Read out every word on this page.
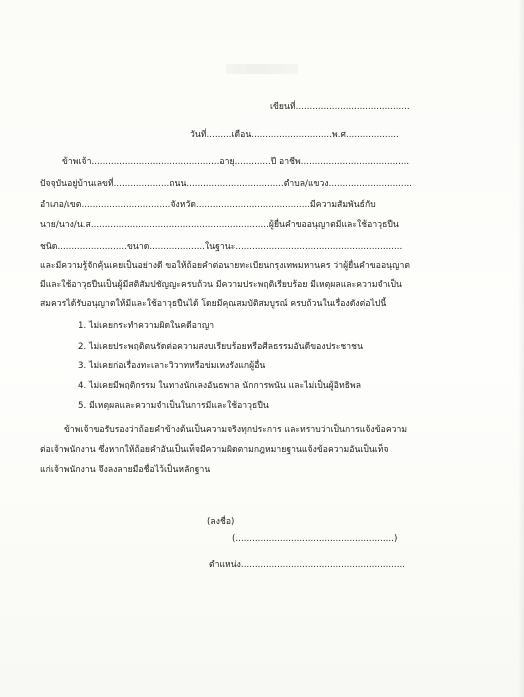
เขียนที่.........................................
วันที่.........เดือน.............................พ.ศ...................
ข้าพเจ้า..............................................อายุ.............ปี อาชีพ.......................................
ปัจจุบันอยู่บ้านเลขที่....................ถนน...................................ตำบล/แขวง..............................
อำเภอ/เขต................................จังหวัด.........................................มีความสัมพันธ์กับ
นาย/นาง/น.ส................................................................ผู้ยื่นคำขออนุญาตมีและใช้อาวุธปืน
ชนิด.........................ขนาด....................ในฐานะ............................................................
และมีความรู้จักคุ้นเคยเป็นอย่างดี ขอให้ถ้อยคำต่อนายทะเบียนกรุงเทพมหานคร ว่าผู้ยื่นคำขออนุญาต
มีและใช้อาวุธปืนเป็นผู้มีสติสัมปชัญญะครบถ้วน มีความประพฤติเรียบร้อย มีเหตุผลและความจำเป็น
สมควรได้รับอนุญาตให้มีและใช้อาวุธปืนได้ โดยมีคุณสมบัติสมบูรณ์ ครบถ้วนในเรื่องดังต่อไปนี้
1. ไม่เคยกระทำความผิดในคดีอาญา
2. ไม่เคยประพฤติตนรัดต่อความสงบเรียบร้อยหรือศีลธรรมอันดีของประชาชน
3. ไม่เคยก่อเรื่องทะเลาะวิวาทหรือข่มเหงรังแกผู้อื่น
4. ไม่เคยมีพฤติกรรม ในทางนักเลงอันธพาล นักการพนัน และไม่เป็นผู้อิทธิพล
5. มีเหตุผลและความจำเป็นในการมีและใช้อาวุธปืน
ข้าพเจ้าขอรับรองว่าถ้อยคำข้างต้นเป็นความจริงทุกประการ และทราบว่าเป็นการแจ้งข้อความ
ต่อเจ้าพนักงาน ซึ่งหากให้ถ้อยคำอันเป็นเท็จมีความผิดตามกฎหมายฐานแจ้งข้อความอันเป็นเท็จ
แก่เจ้าพนักงาน จึงลงลายมือชื่อไว้เป็นหลักฐาน
(ลงชื่อ)
(.........................................................)
ตำแหน่ง...........................................................
